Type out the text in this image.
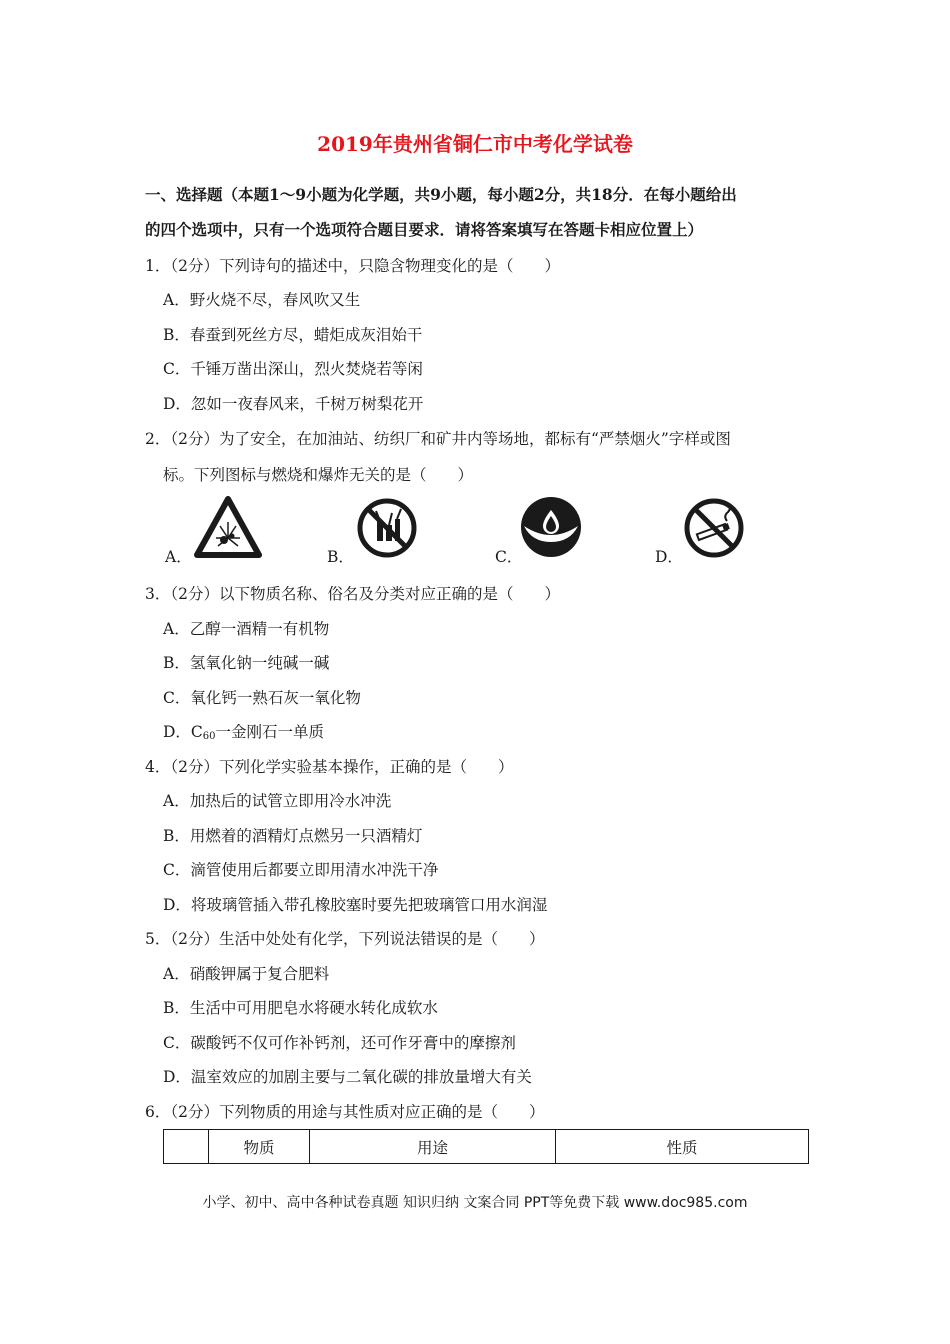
2019年贵州省铜仁市中考化学试卷
一、选择题（本题1～9小题为化学题，共9小题，每小题2分，共18分．在每小题给出
的四个选项中，只有一个选项符合题目要求．请将答案填写在答题卡相应位置上）
1．（2分）下列诗句的描述中，只隐含物理变化的是（　　）
A．野火烧不尽，春风吹又生
B．春蚕到死丝方尽，蜡炬成灰泪始干
C．千锤万凿出深山，烈火焚烧若等闲
D．忽如一夜春风来，千树万树梨花开
2．（2分）为了安全，在加油站、纺织厂和矿井内等场地，都标有“严禁烟火”字样或图
标。下列图标与燃烧和爆炸无关的是（　　）
A．	B．	C．	D．
3．（2分）以下物质名称、俗名及分类对应正确的是（　　）
A．乙醇一酒精一有机物
B．氢氧化钠一纯碱一碱
C．氧化钙一熟石灰一氧化物
D．$C_{60}$一金刚石一单质
4．（2分）下列化学实验基本操作，正确的是（　　）
A．加热后的试管立即用冷水冲洗
B．用燃着的酒精灯点燃另一只酒精灯
C．滴管使用后都要立即用清水冲洗干净
D．将玻璃管插入带孔橡胶塞时要先把玻璃管口用水润湿
5．（2分）生活中处处有化学，下列说法错误的是（　　）
A．硝酸钾属于复合肥料
B．生活中可用肥皂水将硬水转化成软水
C．碳酸钙不仅可作补钙剂，还可作牙膏中的摩擦剂
D．温室效应的加剧主要与二氧化碳的排放量增大有关
6．（2分）下列物质的用途与其性质对应正确的是（　　）
	物质	用途	性质
小学、初中、高中各种试卷真题 知识归纳 文案合同 PPT等免费下载 www.doc985.com
